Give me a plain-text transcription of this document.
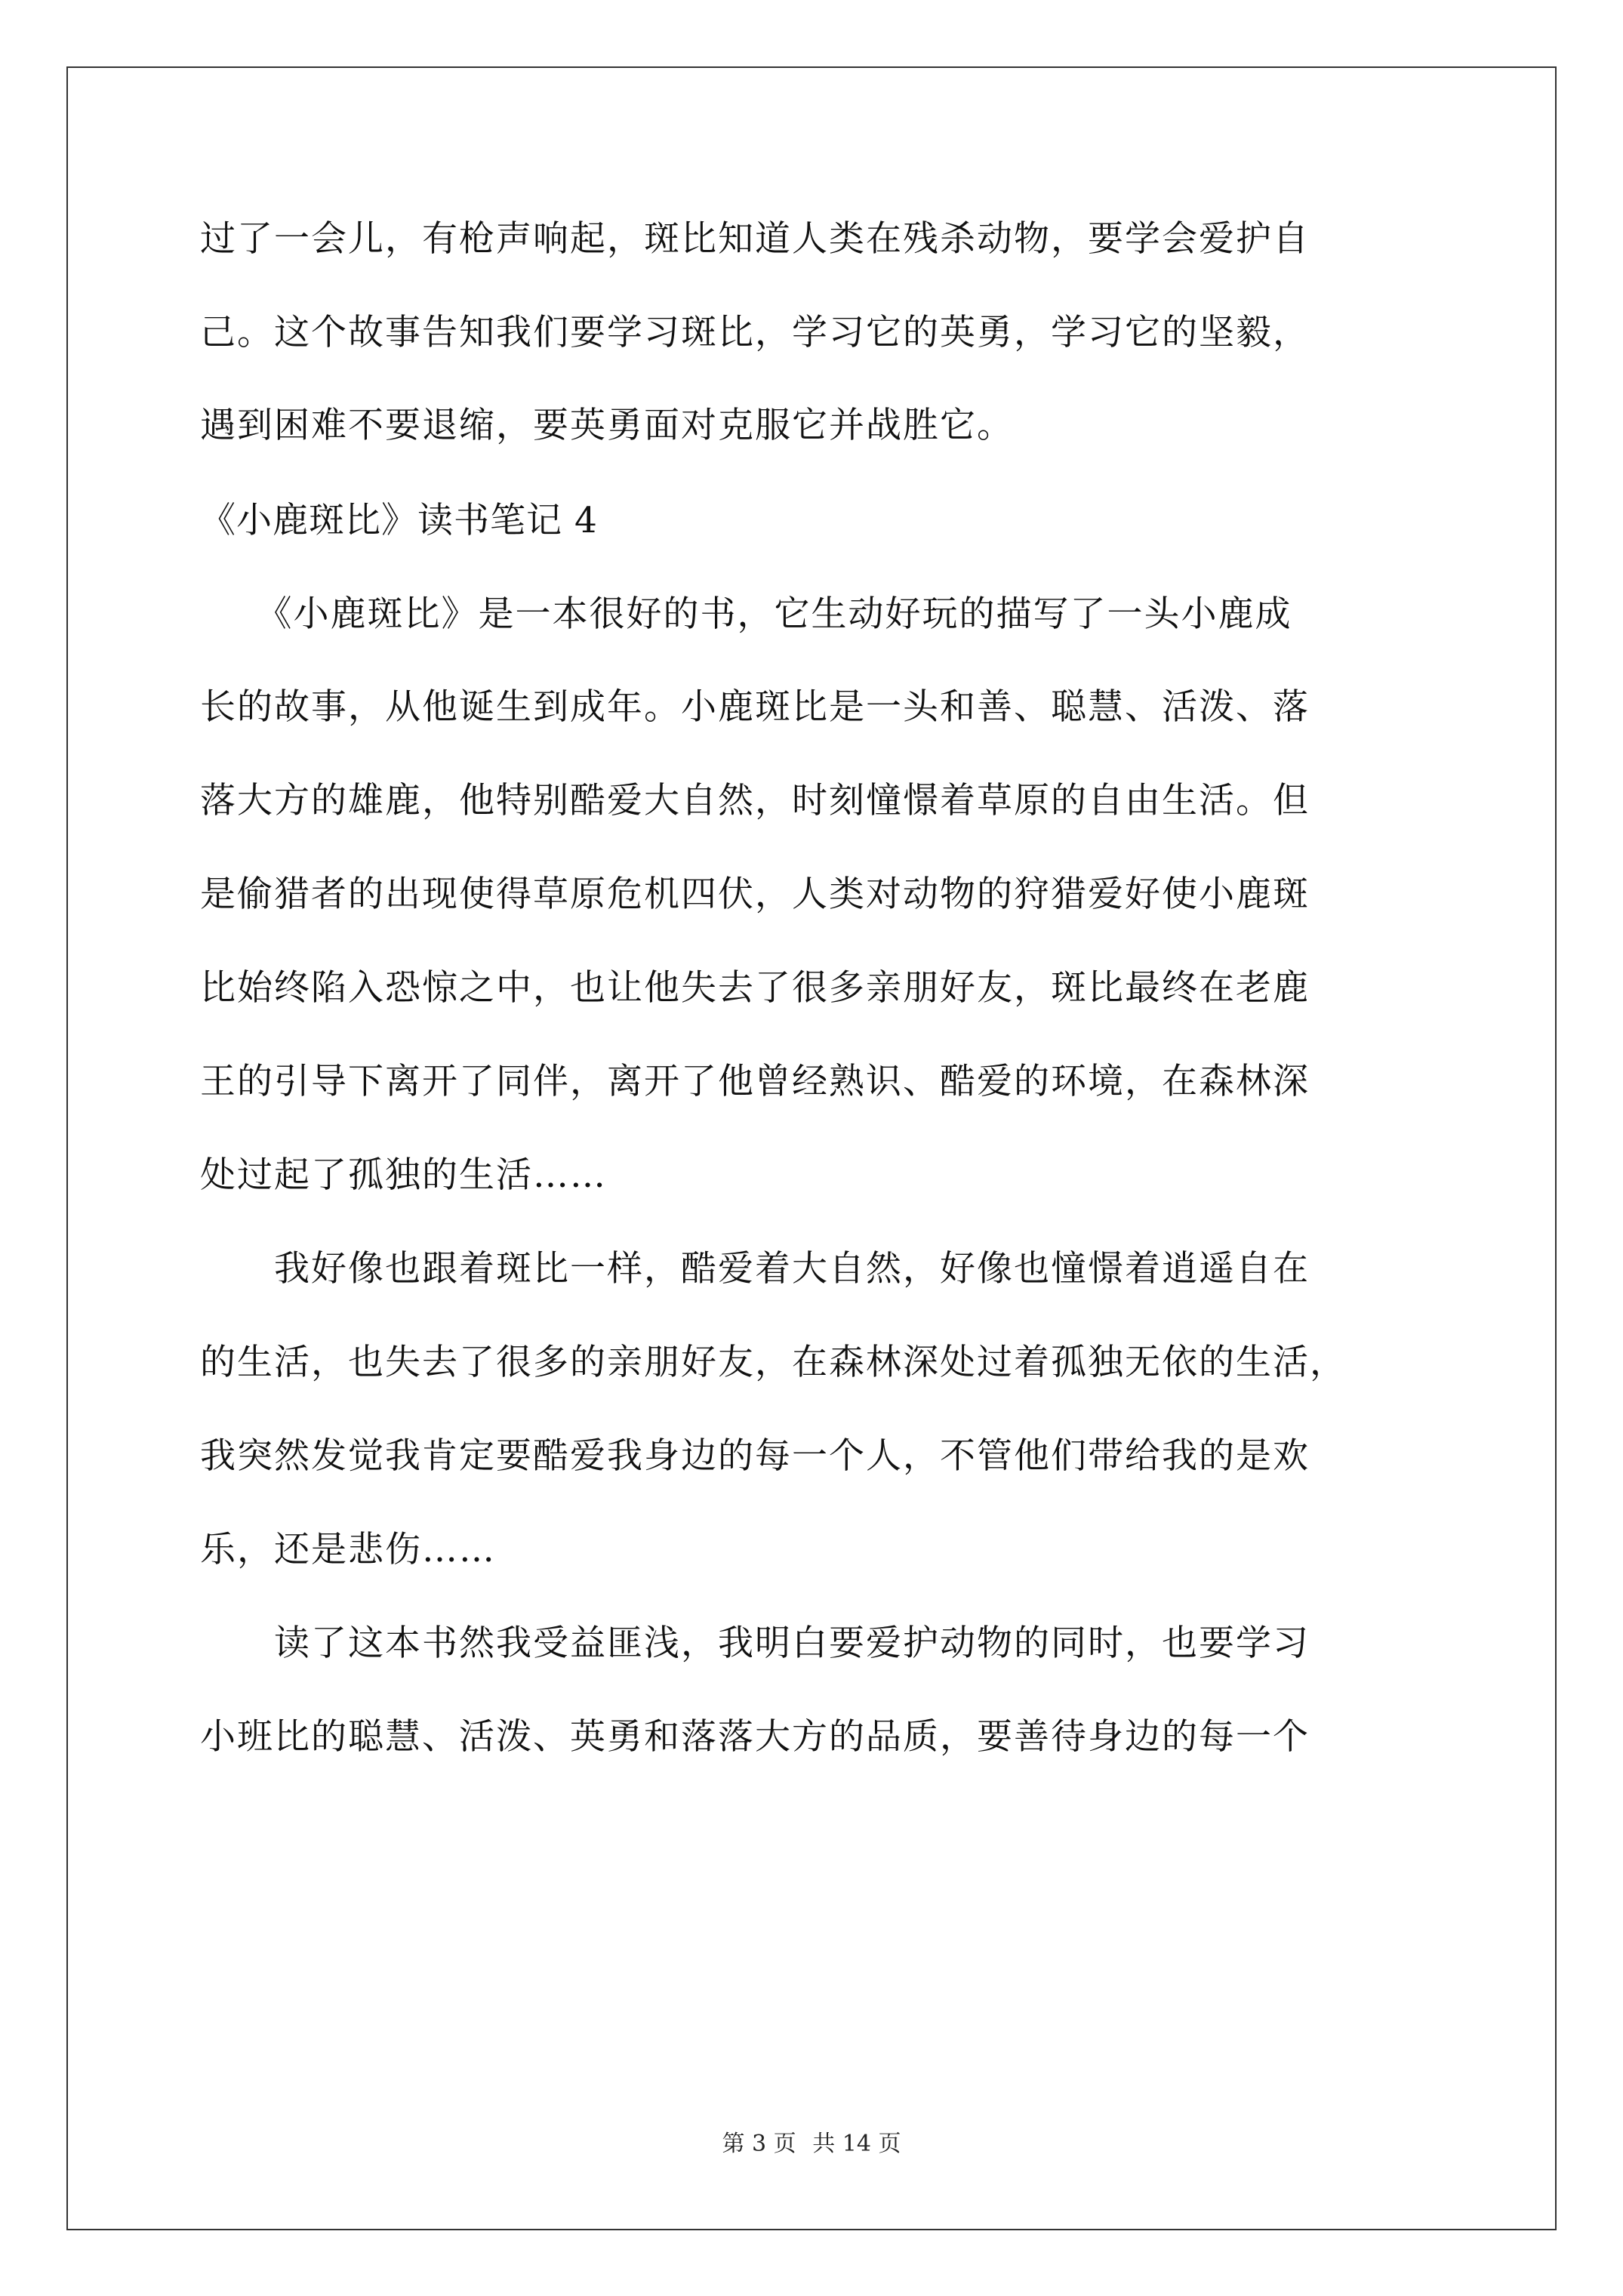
过了一会儿，有枪声响起，斑比知道人类在残杀动物，要学会爱护自

己。这个故事告知我们要学习斑比，学习它的英勇，学习它的坚毅，

遇到困难不要退缩，要英勇面对克服它并战胜它。

《小鹿斑比》读书笔记 4

　　《小鹿斑比》是一本很好的书，它生动好玩的描写了一头小鹿成

长的故事，从他诞生到成年。小鹿斑比是一头和善、聪慧、活泼、落

落大方的雄鹿，他特别酷爱大自然，时刻憧憬着草原的自由生活。但

是偷猎者的出现使得草原危机四伏，人类对动物的狩猎爱好使小鹿斑

比始终陷入恐惊之中，也让他失去了很多亲朋好友，斑比最终在老鹿

王的引导下离开了同伴，离开了他曾经熟识、酷爱的环境，在森林深

处过起了孤独的生活……

　　我好像也跟着斑比一样，酷爱着大自然，好像也憧憬着逍遥自在

的生活，也失去了很多的亲朋好友，在森林深处过着孤独无依的生活，

我突然发觉我肯定要酷爱我身边的每一个人，不管他们带给我的是欢

乐，还是悲伤……

　　读了这本书然我受益匪浅，我明白要爱护动物的同时，也要学习

小班比的聪慧、活泼、英勇和落落大方的品质，要善待身边的每一个

第 3 页 共 14 页
